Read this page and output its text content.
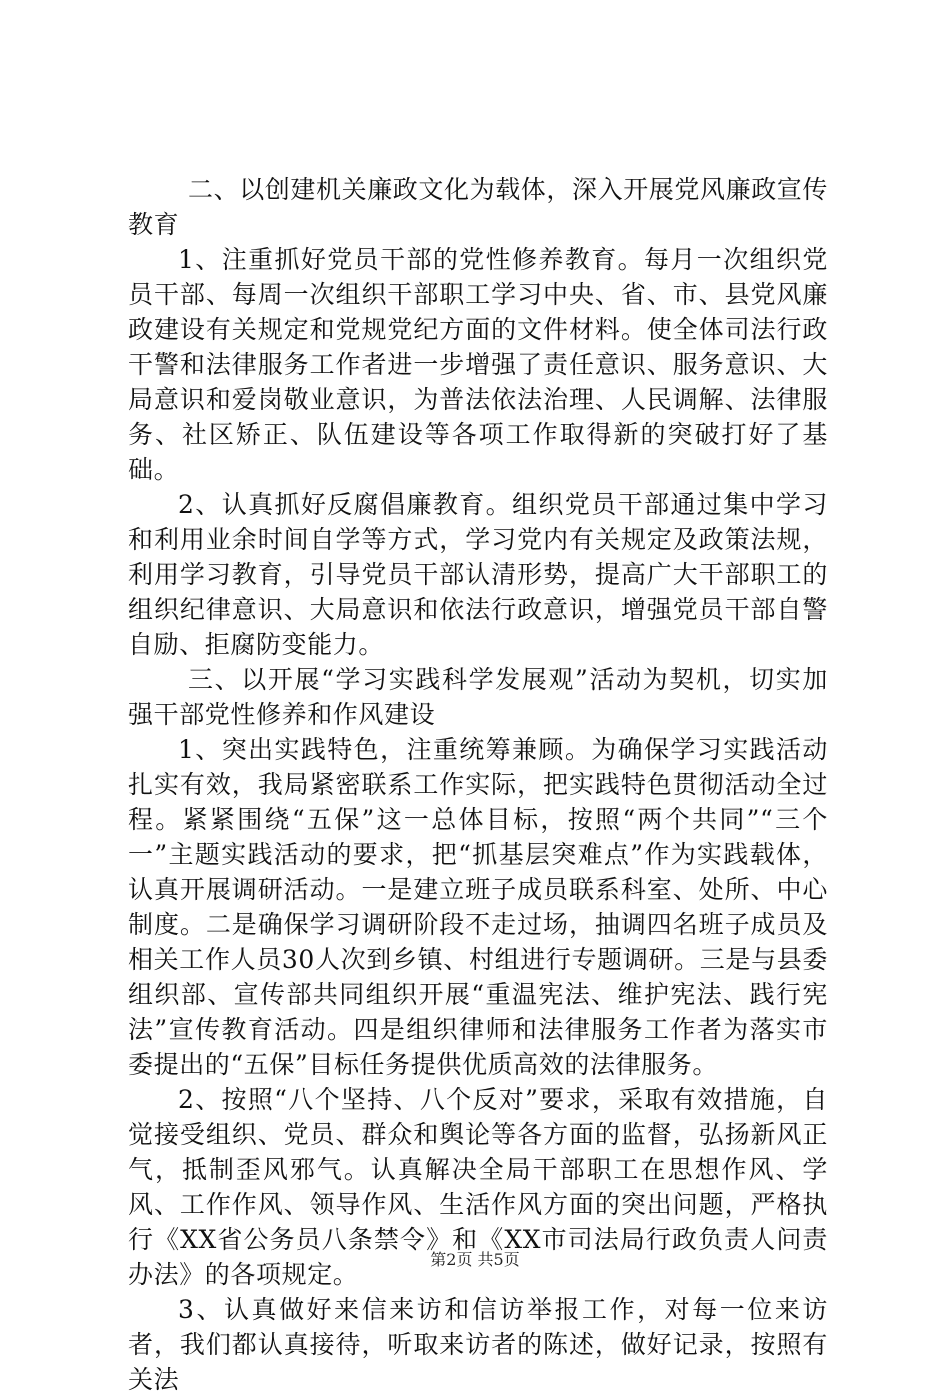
二、以创建机关廉政文化为载体，深入开展党风廉政宣传教育

1、注重抓好党员干部的党性修养教育。每月一次组织党员干部、每周一次组织干部职工学习中央、省、市、县党风廉政建设有关规定和党规党纪方面的文件材料。使全体司法行政干警和法律服务工作者进一步增强了责任意识、服务意识、大局意识和爱岗敬业意识，为普法依法治理、人民调解、法律服务、社区矫正、队伍建设等各项工作取得新的突破打好了基础。

2、认真抓好反腐倡廉教育。组织党员干部通过集中学习和利用业余时间自学等方式，学习党内有关规定及政策法规，利用学习教育，引导党员干部认清形势，提高广大干部职工的组织纪律意识、大局意识和依法行政意识，增强党员干部自警自励、拒腐防变能力。

三、以开展“学习实践科学发展观”活动为契机，切实加强干部党性修养和作风建设

1、突出实践特色，注重统筹兼顾。为确保学习实践活动扎实有效，我局紧密联系工作实际，把实践特色贯彻活动全过程。紧紧围绕“五保”这一总体目标，按照“两个共同”“三个一”主题实践活动的要求，把“抓基层突难点”作为实践载体，认真开展调研活动。一是建立班子成员联系科室、处所、中心制度。二是确保学习调研阶段不走过场，抽调四名班子成员及相关工作人员30人次到乡镇、村组进行专题调研。三是与县委组织部、宣传部共同组织开展“重温宪法、维护宪法、践行宪法”宣传教育活动。四是组织律师和法律服务工作者为落实市委提出的“五保”目标任务提供优质高效的法律服务。

2、按照“八个坚持、八个反对”要求，采取有效措施，自觉接受组织、党员、群众和舆论等各方面的监督，弘扬新风正气，抵制歪风邪气。认真解决全局干部职工在思想作风、学风、工作作风、领导作风、生活作风方面的突出问题，严格执行《XX省公务员八条禁令》和《XX市司法局行政负责人问责办法》的各项规定。

3、认真做好来信来访和信访举报工作，对每一位来访者，我们都认真接待，听取来访者的陈述，做好记录，按照有关法

第2页 共5页
